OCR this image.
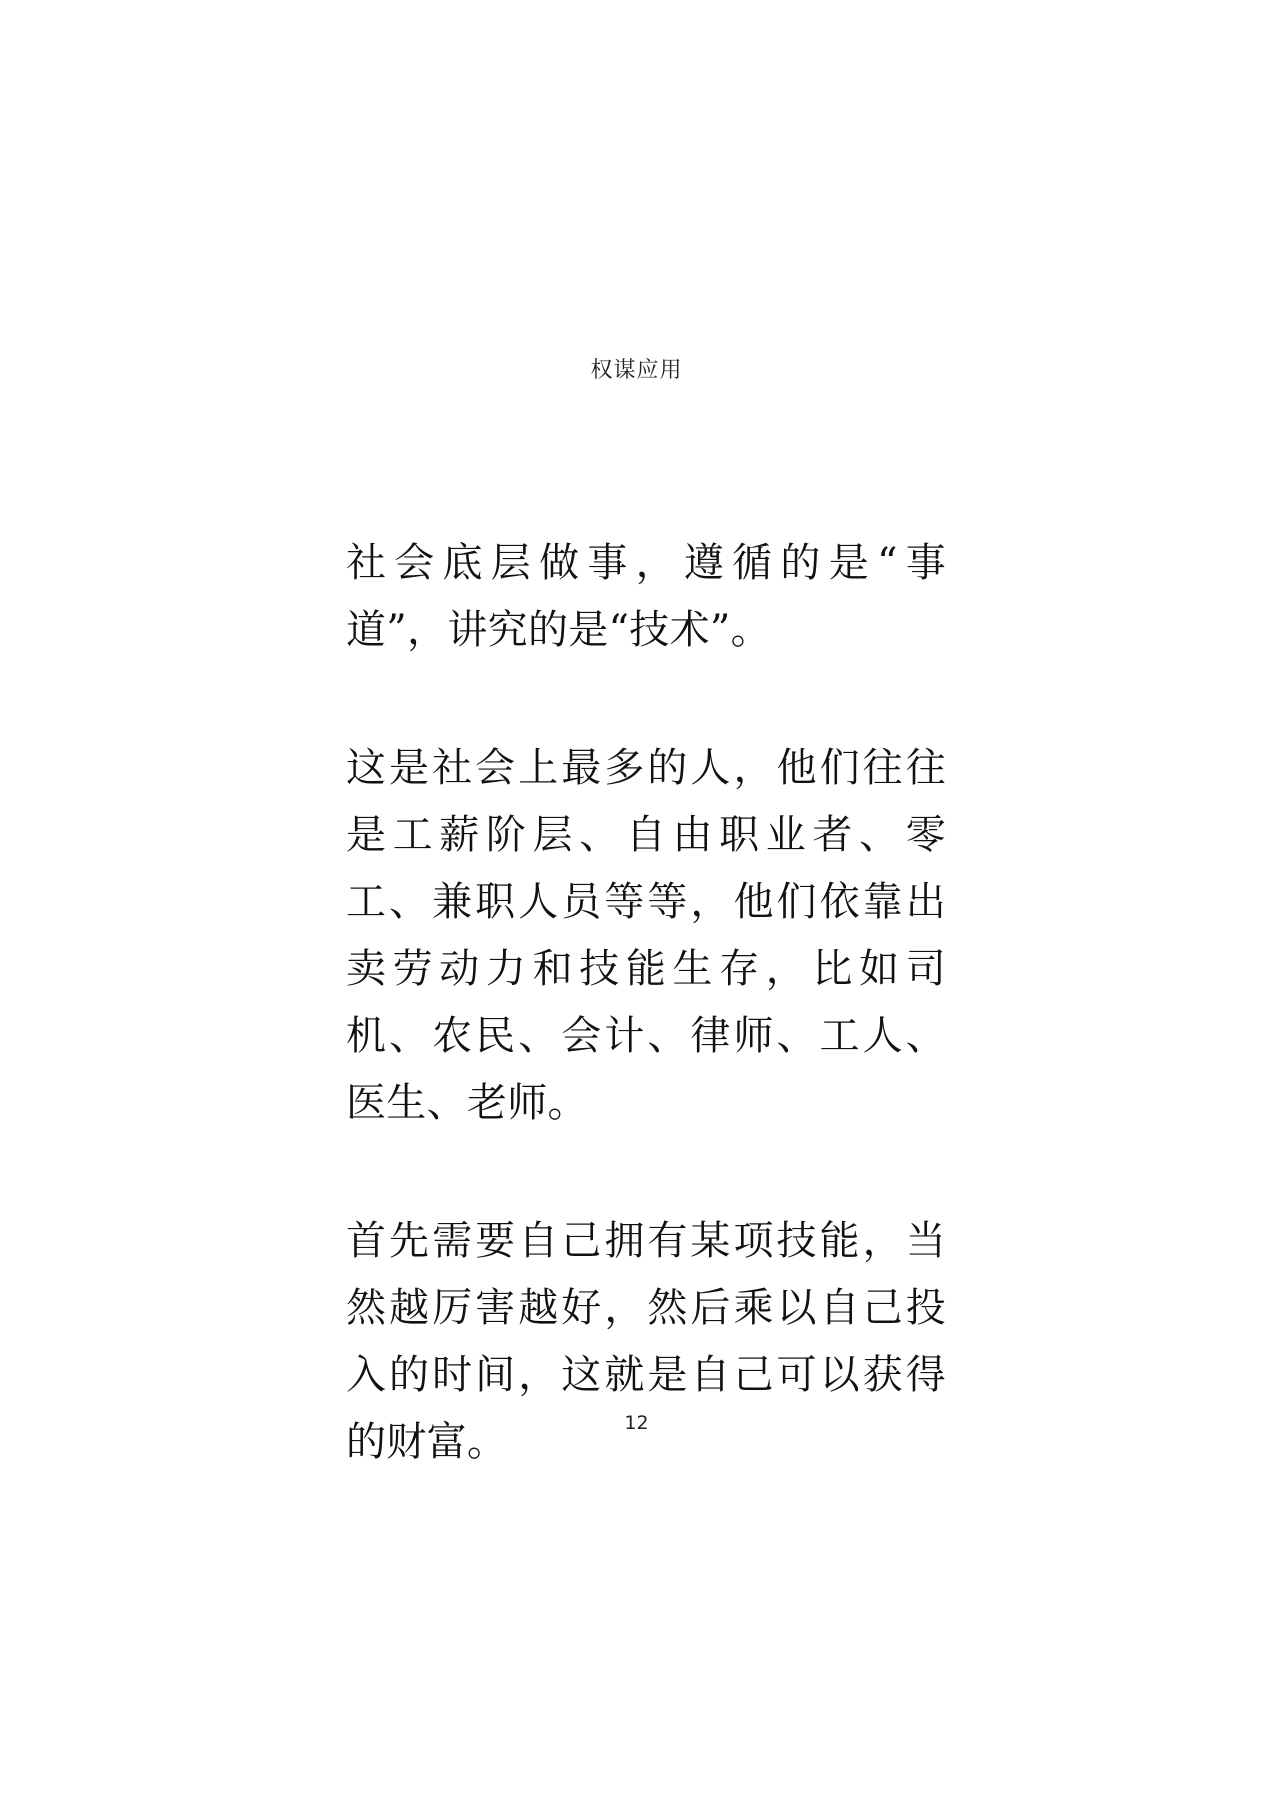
权谋应用

社会底层做事，遵循的是“事道”，讲究的是“技术”。

这是社会上最多的人，他们往往是工薪阶层、自由职业者、零工、兼职人员等等，他们依靠出卖劳动力和技能生存，比如司机、农民、会计、律师、工人、医生、老师。

首先需要自己拥有某项技能，当然越厉害越好，然后乘以自己投入的时间，这就是自己可以获得的财富。	12
